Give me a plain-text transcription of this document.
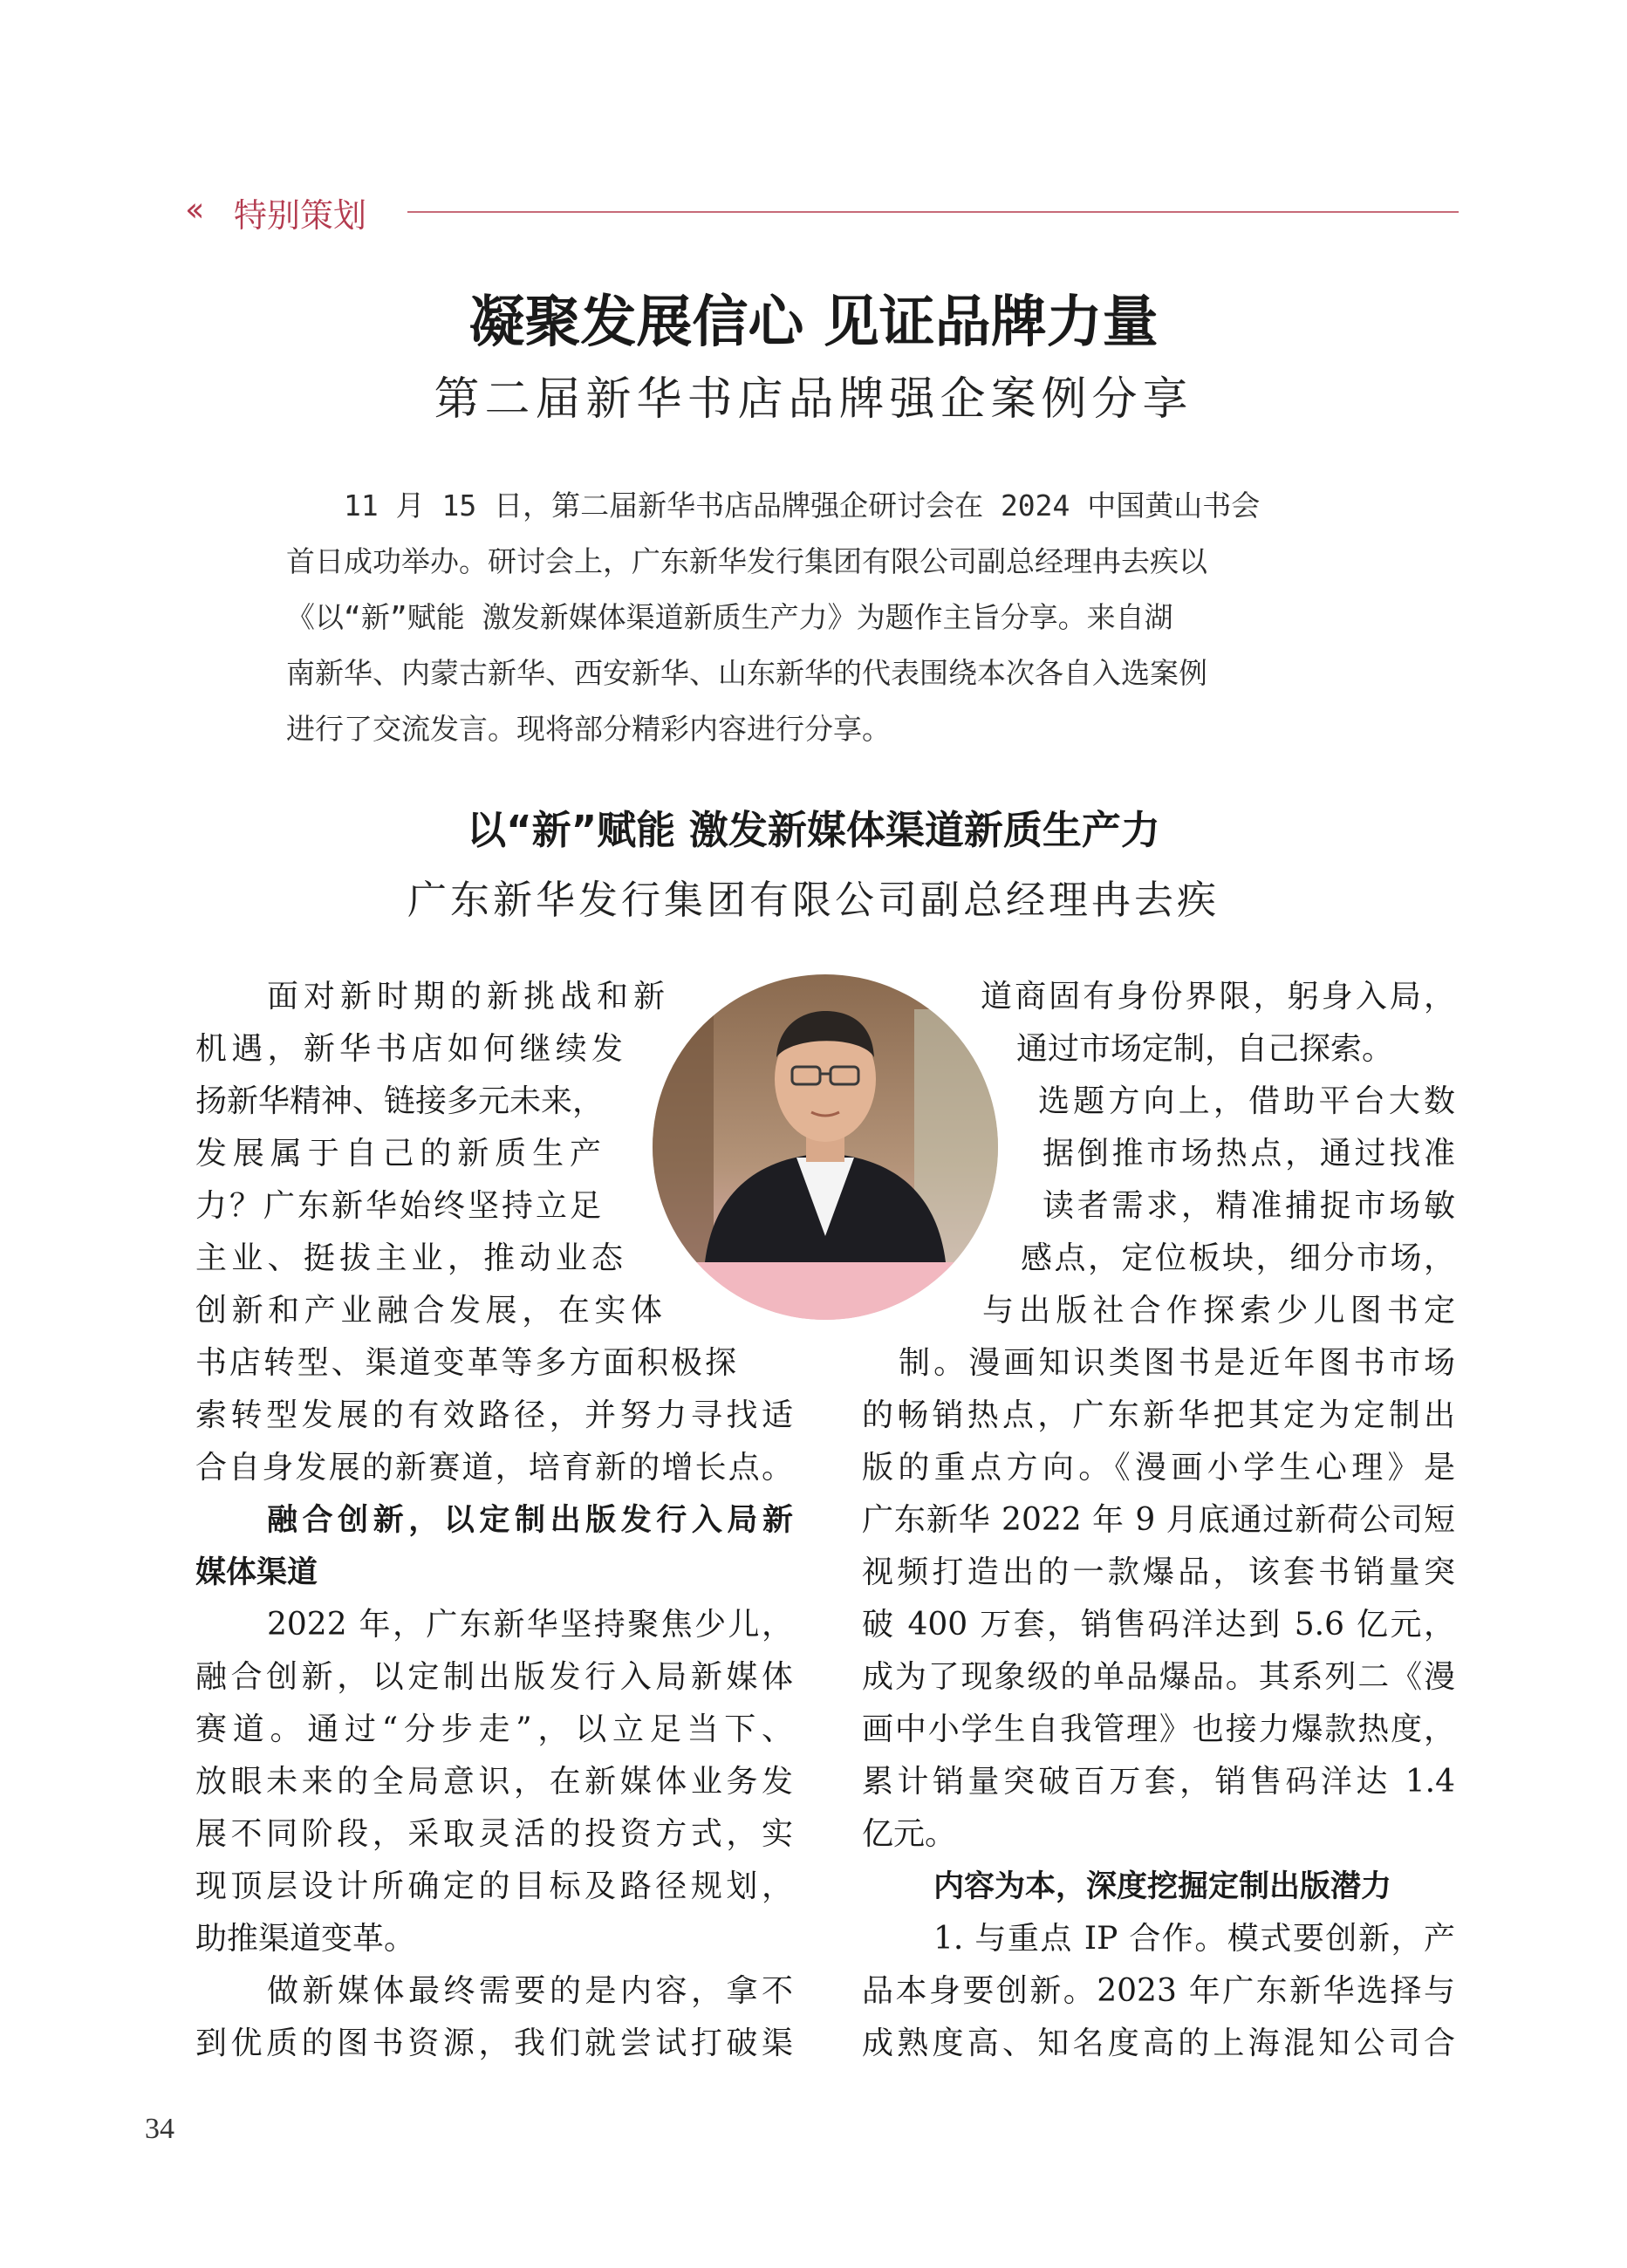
‹‹ 特别策划
凝聚发展信心 见证品牌力量
第二届新华书店品牌强企案例分享
11 月 15 日，第二届新华书店品牌强企研讨会在 2024 中国黄山书会
首日成功举办。研讨会上，广东新华发行集团有限公司副总经理冉去疾以
《以“新”赋能 激发新媒体渠道新质生产力》为题作主旨分享。来自湖
南新华、内蒙古新华、西安新华、山东新华的代表围绕本次各自入选案例
进行了交流发言。现将部分精彩内容进行分享。
以“新”赋能 激发新媒体渠道新质生产力
广东新华发行集团有限公司副总经理冉去疾
面对新时期的新挑战和新
机遇，新华书店如何继续发
扬新华精神、链接多元未来，
发展属于自己的新质生产
力？广东新华始终坚持立足
主业、挺拔主业，推动业态
创新和产业融合发展，在实体
书店转型、渠道变革等多方面积极探
索转型发展的有效路径，并努力寻找适
合自身发展的新赛道，培育新的增长点。
融合创新，以定制出版发行入局新
媒体渠道
2022 年，广东新华坚持聚焦少儿，
融合创新，以定制出版发行入局新媒体
赛道。通过“分步走”，以立足当下、
放眼未来的全局意识，在新媒体业务发
展不同阶段，采取灵活的投资方式，实
现顶层设计所确定的目标及路径规划，
助推渠道变革。
做新媒体最终需要的是内容，拿不
到优质的图书资源，我们就尝试打破渠
道商固有身份界限，躬身入局，
通过市场定制，自己探索。
选题方向上，借助平台大数
据倒推市场热点，通过找准
读者需求，精准捕捉市场敏
感点，定位板块，细分市场，
与出版社合作探索少儿图书定
制。漫画知识类图书是近年图书市场
的畅销热点，广东新华把其定为定制出
版的重点方向。《漫画小学生心理》是
广东新华 2022 年 9 月底通过新荷公司短
视频打造出的一款爆品，该套书销量突
破 400 万套，销售码洋达到 5.6 亿元，
成为了现象级的单品爆品。其系列二《漫
画中小学生自我管理》也接力爆款热度，
累计销量突破百万套，销售码洋达 1.4
亿元。
内容为本，深度挖掘定制出版潜力
1. 与重点 IP 合作。模式要创新，产
品本身要创新。2023 年广东新华选择与
成熟度高、知名度高的上海混知公司合
34
